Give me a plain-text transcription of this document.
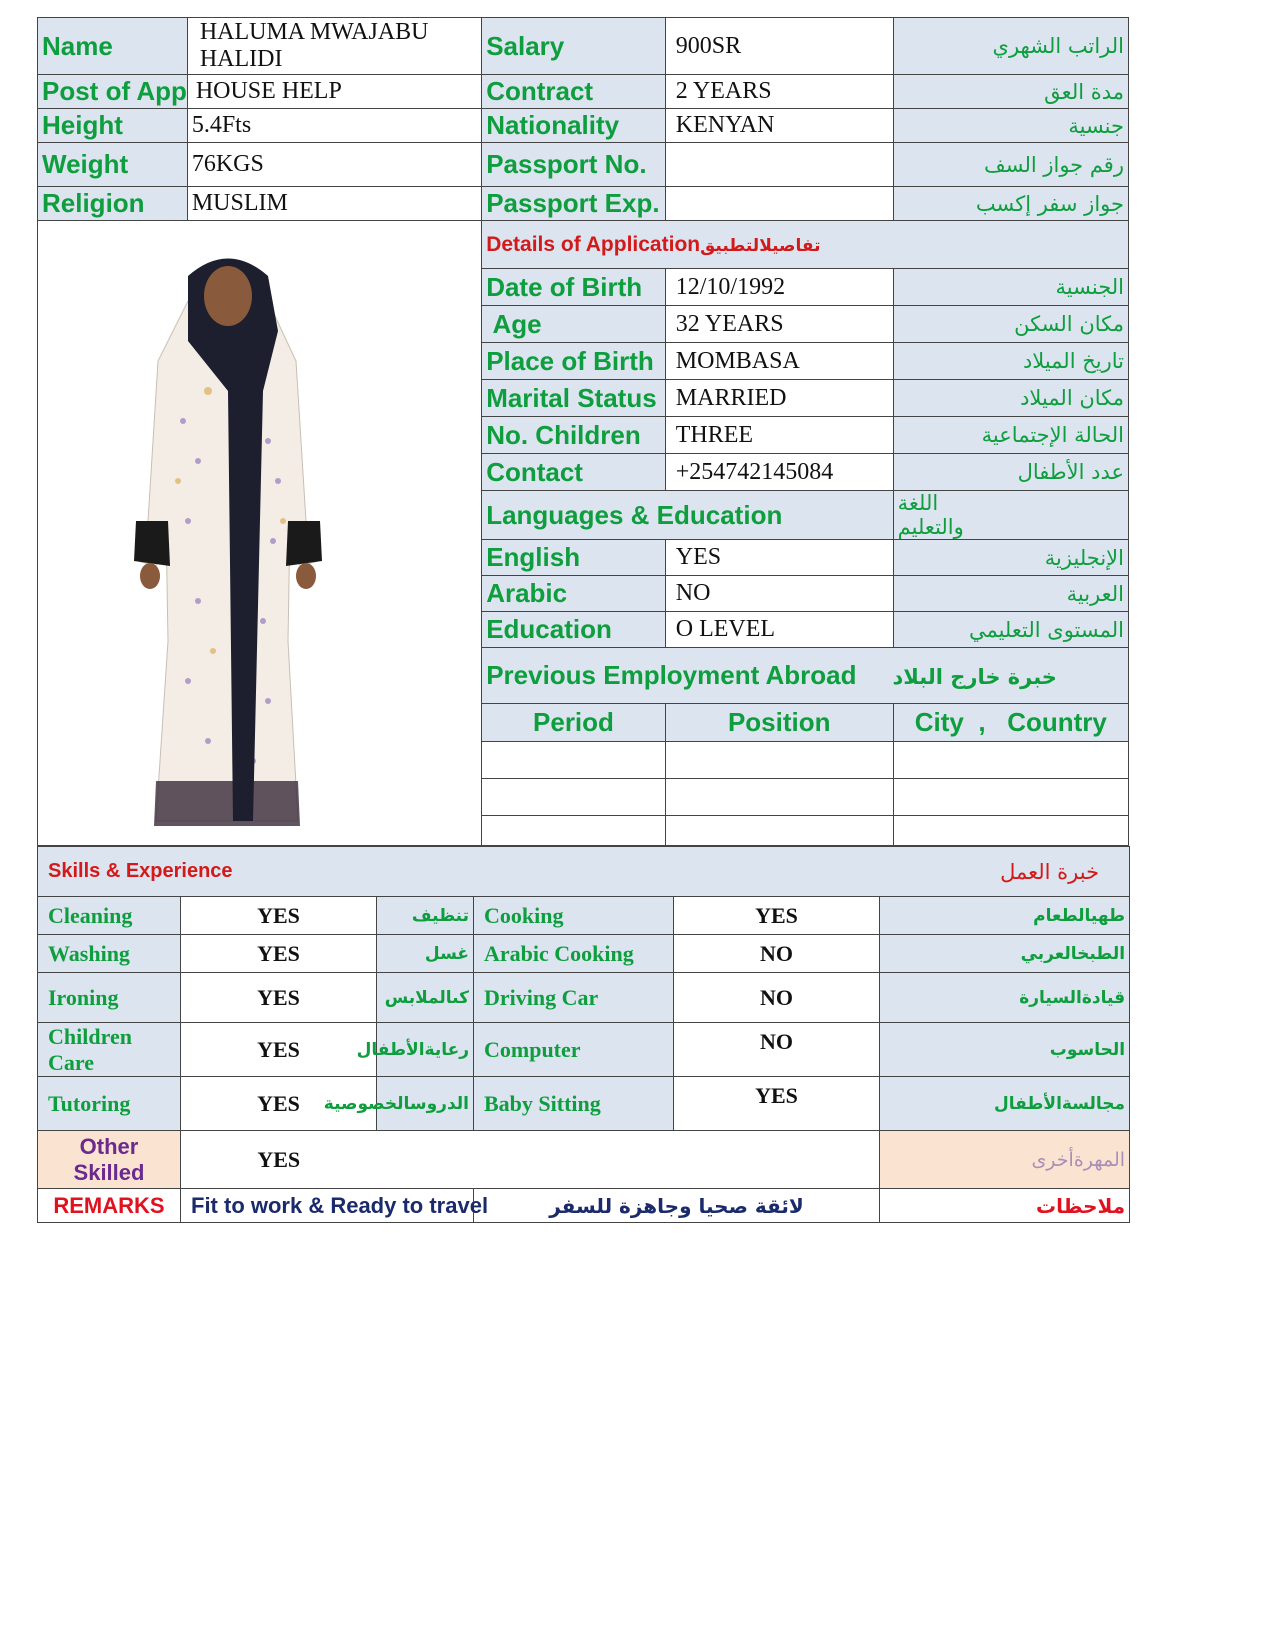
Name	HALUMA MWAJABU HALIDI	Salary	900SR	الراتب الشهري
Post of App	HOUSE HELP	Contract	2 YEARS	مدة العق
Height	5.4Fts	Nationality	KENYAN	جنسية
Weight	76KGS	Passport No.		رقم جواز السف
Religion	MUSLIM	Passport Exp.		جواز سفر إكسب

	Details of Applicationتفاصيلالتطبيق		
		Date of Birth	12/10/1992	الجنسية
		Age	32 YEARS	مكان السكن
		Place of Birth	MOMBASA	تاريخ الميلاد
		Marital Status	MARRIED	مكان الميلاد
		No. Children	THREE	الحالة الإجتماعية
		Contact	+254742145084	عدد الأطفال
		Languages & Education		اللغة والتعليم
		English	YES	الإنجليزية
		Arabic	NO	العربية
		Education	O LEVEL	المستوى التعليمي
		Previous Employment Abroad خبرة خارج البلاد		
		Period	Position	City  ,   Country

Skills & Experience خبرة العمل					

Cleaning	YES	تنظيف	Cooking	YES	طهيالطعام
Washing	YES	غسل	Arabic Cooking	NO	الطبخالعربي
Ironing	YES	كىالملابس	Driving Car	NO	قيادةالسيارة
Children Care	YES	رعايةالأطفال	Computer	NO	الحاسوب
Tutoring	YES	الدروسالخصوصية	Baby Sitting	YES	مجالسةالأطفال
Other Skilled	YES				المهرةأخرى
REMARKS	Fit to work & Ready to travel		لائقة صحيا وجاهزة للسفر		ملاحظات
